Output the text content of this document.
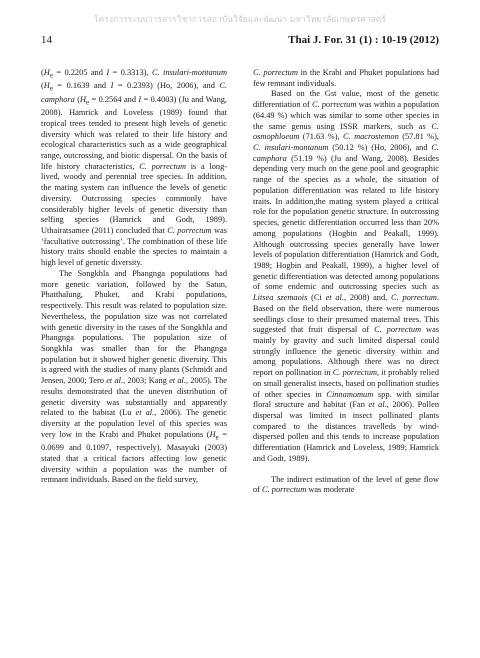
โครงการระบบวารสารวิชาการสถาบันวิจัยและพัฒนา มหาวิทยาลัยเกษตรศาสตร์
14	Thai J. For. 31 (1) : 10-19 (2012)

($H_e = 0.2205$ and I = 0.3313), C. insulari-montanum ($H_e = 0.1639$ and I = 0.2393) (Ho, 2006), and C. camphora ($H_e = 0.2564$ and I = 0.4003) (Ju and Wang, 2008). Hamrick and Loveless (1989) found that tropical trees tended to present high levels of genetic diversity which was related to their life history and ecological characteristics such as a wide geographical range, outcrossing, and biotic dispersal. On the basis of life history characteristics, C. porrectum is a long-lived, woody and perennial tree species. In addition, the mating system can influence the levels of genetic diversity. Outcrossing species commonly have considerably higher levels of genetic diversity than selfing species (Hamrick and Godt, 1989). Uthairatsamee (2011) concluded that C. porrectum was ‘facultative outcrossing’. The combination of these life history traits should enable the species to maintain a high level of genetic diversity.

The Songkhla and Phangnga populations had more genetic variation, followed by the Satun, Phatthalung, Phuket, and Krabi populations, respectively. This result was related to population size. Nevertheless, the population size was not correlated with genetic diversity in the cases of the Songkhla and Phangnga populations. The population size of Songkhla was smaller than for the Phangnga population but it showed higher genetic diversity. This is agreed with the studies of many plants (Schmidt and Jensen, 2000; Tero et al., 2003; Kang et al., 2005). The results demonstrated that the uneven distribution of genetic diversity was substantially and apparently related to the habitat (Lu et al., 2006). The genetic diversity at the population level of this species was very low in the Krabi and Phuket populations ($H_e = 0.0699$ and 0.1097, respectively). Masayuki (2003) stated that a critical factors affecting low genetic diversity within a population was the number of remnant individuals. Based on the field survey,

C. porrectum in the Krabi and Phuket populations had few remnant individuals.

Based on the Gst value, most of the genetic differentiation of C. porrectum was within a population (64.49 %) which was similar to some other species in the same genus using ISSR markers, such as C. osmophloeum (71.63 %), C. macrostemon (57.81 %), C. insulari-montanum (50.12 %) (Ho, 2006), and C. camphora (51.19 %) (Ju and Wang, 2008). Besides depending very much on the gene pool and geographic range of the species as a whole, the situation of population differentiation was related to life history traits. In addition,the mating system played a critical role for the population genetic structure. In outcrossing species, genetic differentiation occurred less than 20% among populations (Hogbin and Peakall, 1999). Although outcrossing species generally have lower levels of population differentiation (Hamrick and Godt, 1989; Hogbin and Peakall, 1999), a higher level of genetic differentiation was detected among populations of some endemic and outcrossing species such as Litsea szemaois (Ci et al., 2008) and, C. porrectum. Based on the field observation, there were numerous seedlings close to their presumed maternal trees. This suggested that fruit dispersal of C. porrectum was mainly by gravity and such limited dispersal could strongly influence the genetic diversity within and among populations. Although there was no direct report on pollination in C. porrectum, it probably relied on small generalist insects, based on pollination studies of other species in Cinnamomum spp. with similar floral structure and habitat (Fan et al., 2006). Pollen dispersal was limited in insect pollinated plants compared to the distances travelleds by wind- dispersed pollen and this tends to increase population differentiation (Hamrick and Loveless, 1989; Hamrick and Godt, 1989).

The indirect estimation of the level of gene flow of C. porrectum was moderate
